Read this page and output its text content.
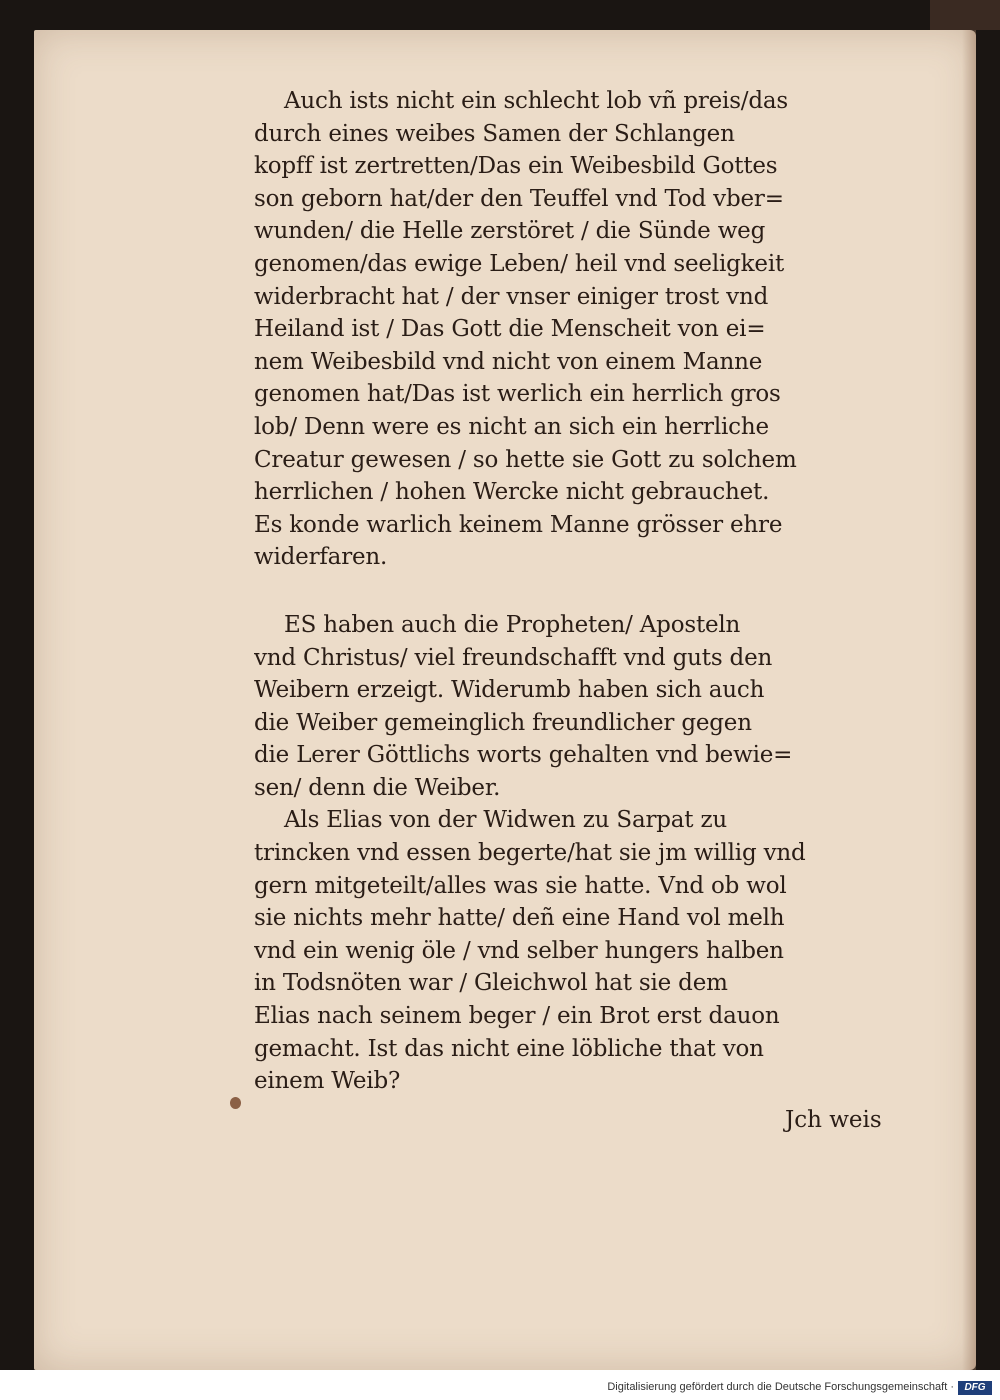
Auch ists nicht ein schlecht lob vñ preis/das
durch eines weibes Samen der Schlangen
kopff ist zertretten/Das ein Weibesbild Gottes
son geborn hat/der den Teuffel vnd Tod vber=
wunden/ die Helle zerstöret / die Sünde weg
genomen/das ewige Leben/ heil vnd seeligkeit
widerbracht hat / der vnser einiger trost vnd
Heiland ist / Das Gott die Menscheit von ei=
nem Weibesbild vnd nicht von einem Manne
genomen hat/Das ist werlich ein herrlich gros
lob/ Denn were es nicht an sich ein herrliche
Creatur gewesen / so hette sie Gott zu solchem
herrlichen / hohen Wercke nicht gebrauchet.
Es konde warlich keinem Manne grösser ehre
widerfaren.
ES haben auch die Propheten/ Aposteln
vnd Christus/ viel freundschafft vnd guts den
Weibern erzeigt. Widerumb haben sich auch
die Weiber gemeinglich freundlicher gegen
die Lerer Göttlichs worts gehalten vnd bewie=
sen/ denn die Weiber.
Als Elias von der Widwen zu Sarpat zu
trincken vnd essen begerte/hat sie jm willig vnd
gern mitgeteilt/alles was sie hatte. Vnd ob wol
sie nichts mehr hatte/ deñ eine Hand vol melh
vnd ein wenig öle / vnd selber hungers halben
in Todsnöten war / Gleichwol hat sie dem
Elias nach seinem beger / ein Brot erst dauon
gemacht. Ist das nicht eine löbliche that von
einem Weib?
Jch weis
Digitalisierung gefördert durch die Deutsche Forschungsgemeinschaft ·	DFG
